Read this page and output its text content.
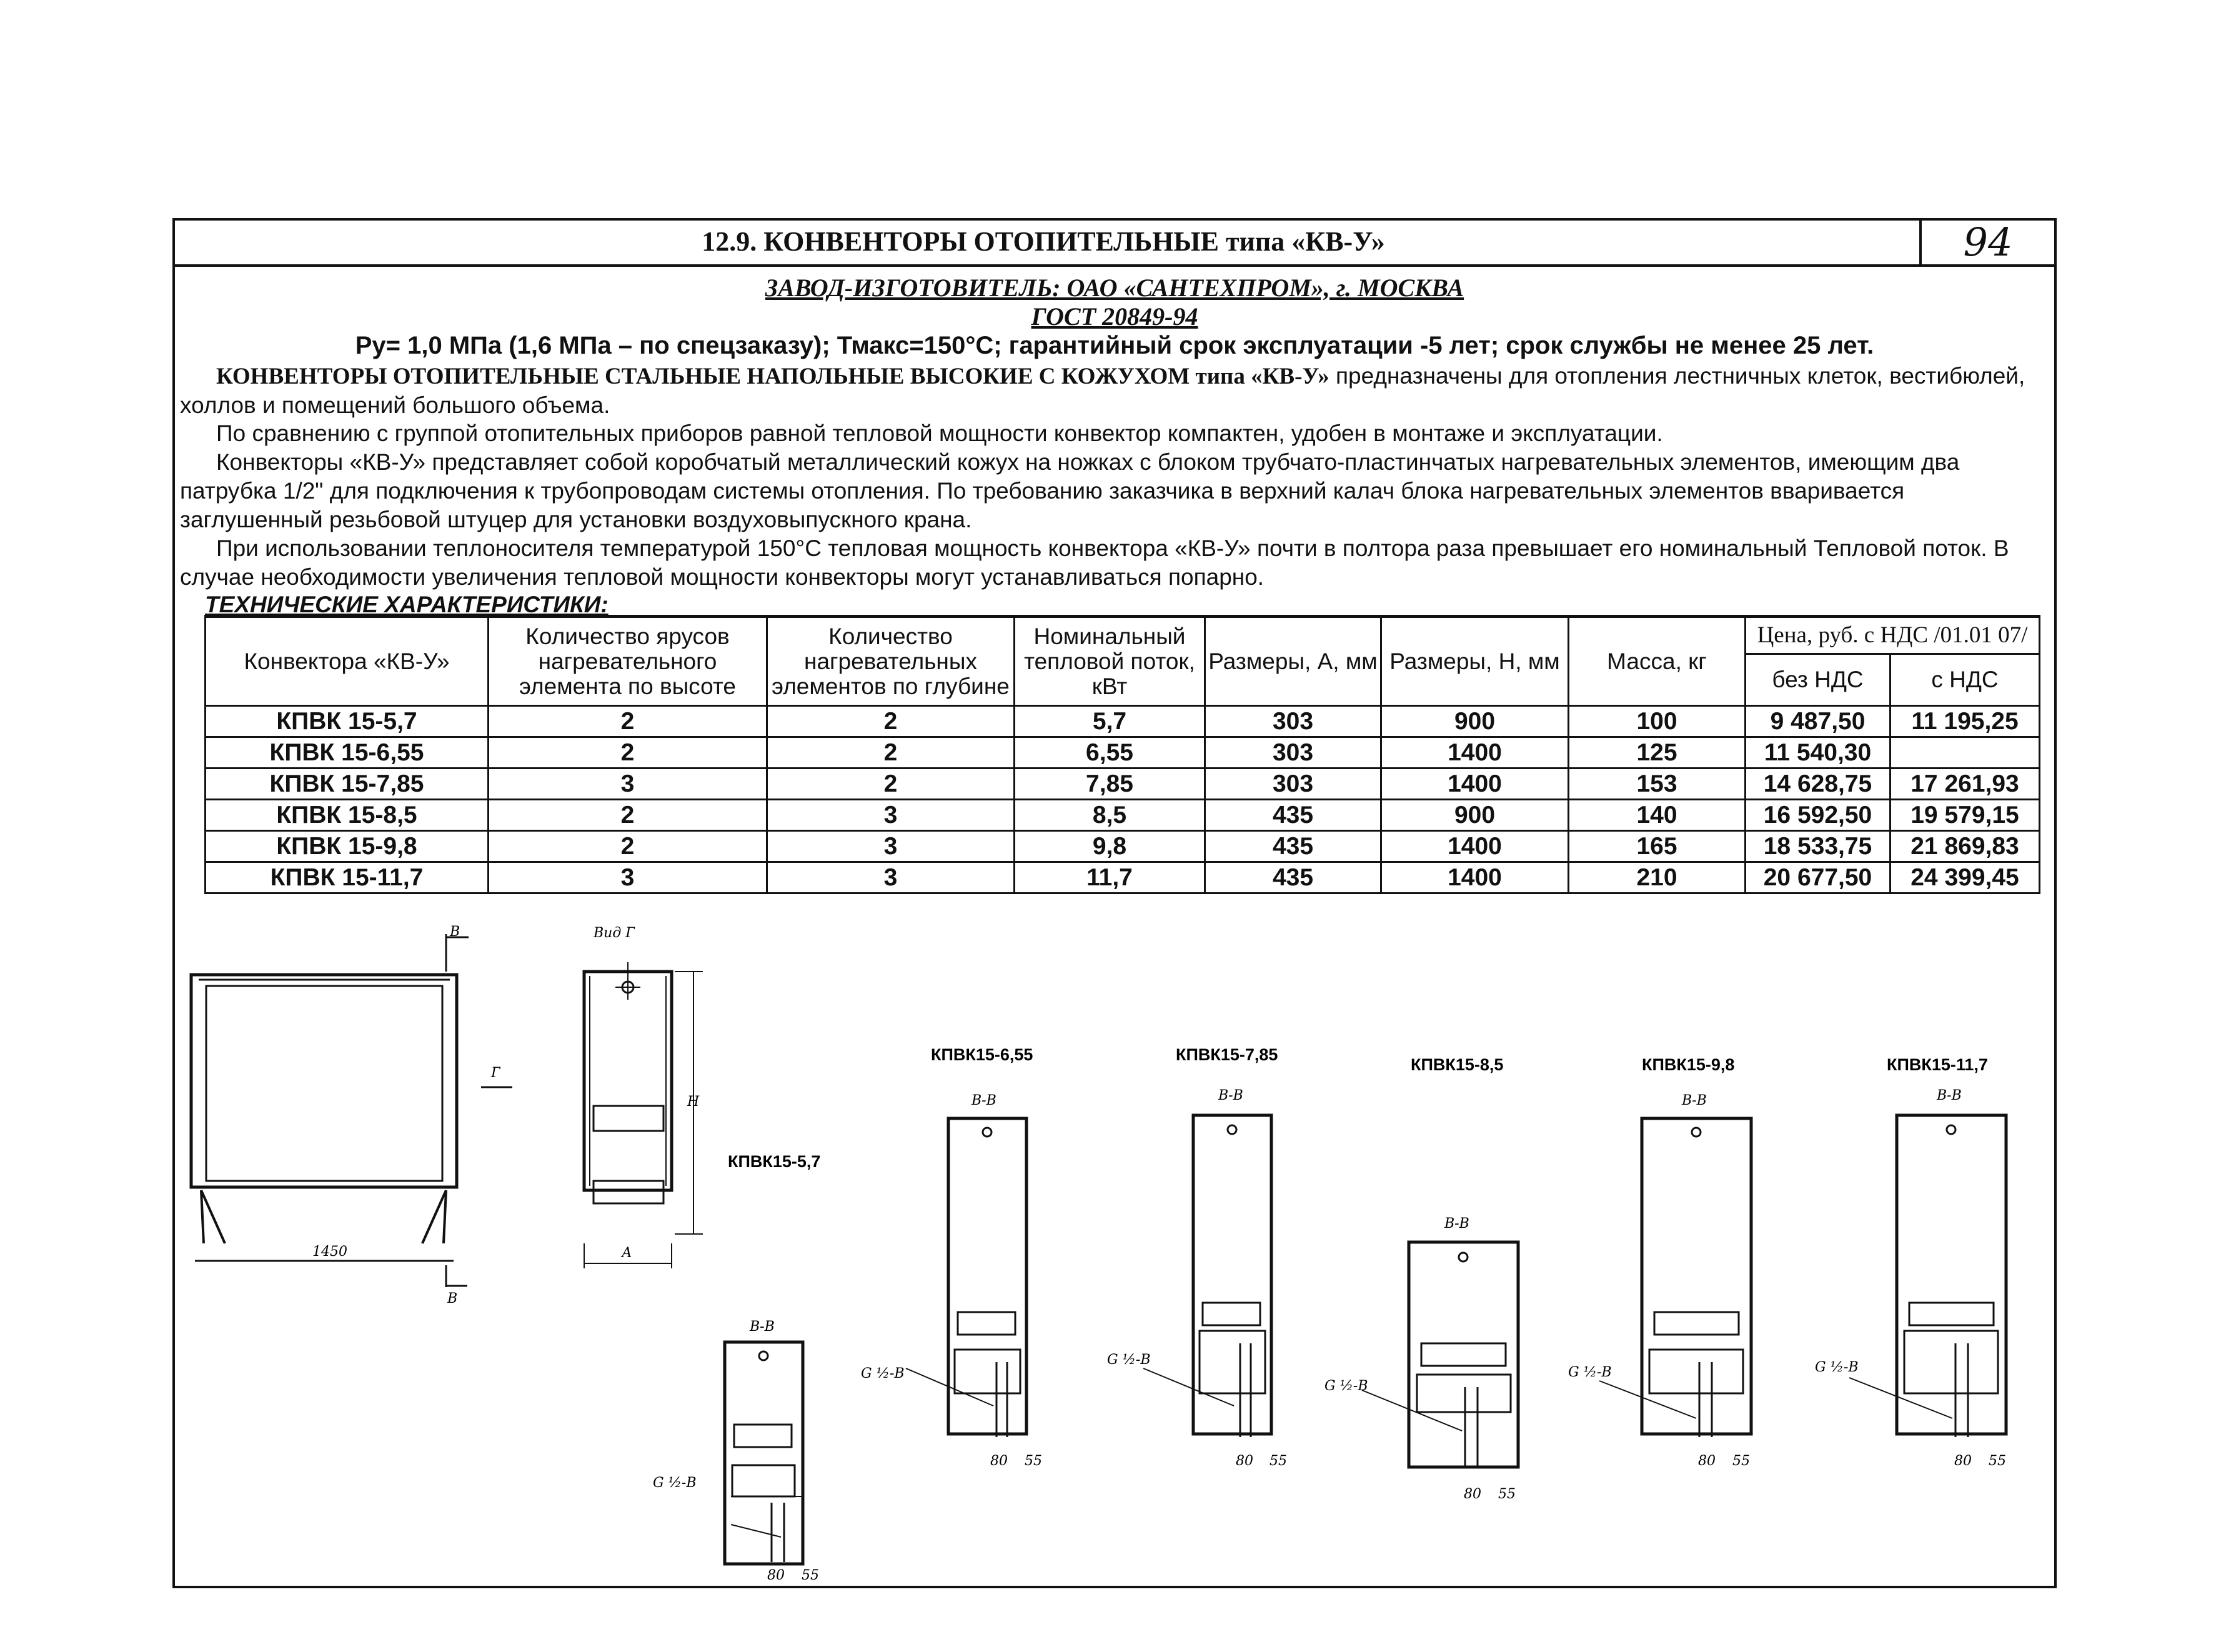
12.9. КОНВЕНТОРЫ ОТОПИТЕЛЬНЫЕ типа «КВ-У»	94
ЗАВОД-ИЗГОТОВИТЕЛЬ: ОАО «САНТЕХПРОМ», г. МОСКВА
ГОСТ 20849-94
Ру= 1,0 МПа (1,6 МПа – по спецзаказу); Тмакс=150°С; гарантийный срок эксплуатации -5 лет; срок службы не менее 25 лет.
КОНВЕНТОРЫ ОТОПИТЕЛЬНЫЕ СТАЛЬНЫЕ НАПОЛЬНЫЕ ВЫСОКИЕ С КОЖУХОМ типа «КВ-У» предназначены для отопления лестничных клеток, вестибюлей, холлов и помещений большого объема.
По сравнению с группой отопительных приборов равной тепловой мощности конвектор компактен, удобен в монтаже и эксплуатации.
Конвекторы «КВ-У» представляет собой коробчатый металлический кожух на ножках с блоком трубчато-пластинчатых нагревательных элементов, имеющим два патрубка 1/2" для подключения к трубопроводам системы отопления. По требованию заказчика в верхний калач блока нагревательных элементов вваривается заглушенный резьбовой штуцер для установки воздуховыпускного крана.
При использовании теплоносителя температурой 150°С тепловая мощность конвектора «КВ-У» почти в полтора раза превышает его номинальный Тепловой поток. В случае необходимости увеличения тепловой мощности конвекторы могут устанавливаться попарно.
ТЕХНИЧЕСКИЕ ХАРАКТЕРИСТИКИ:
Конвектора «КВ-У»	Количество ярусов нагревательного элемента по высоте	Количество нагревательных элементов по глубине	Номинальный тепловой поток, кВт	Размеры, А, мм	Размеры, Н, мм	Масса, кг	Цена, руб. с НДС /01.01 07/	
							без НДС	с НДС
КПВК 15-5,7	2	2	5,7	303	900	100	9 487,50	11 195,25
КПВК 15-6,55	2	2	6,55	303	1400	125	11 540,30	
КПВК 15-7,85	3	2	7,85	303	1400	153	14 628,75	17 261,93
КПВК 15-8,5	2	3	8,5	435	900	140	16 592,50	19 579,15
КПВК 15-9,8	2	3	9,8	435	1400	165	18 533,75	21 869,83
КПВК 15-11,7	3	3	11,7	435	1400	210	20 677,50	24 399,45
1450
В
В
Г
Вид Г
Н
А
КПВК15-5,7
КПВК15-6,55	КПВК15-7,85
КПВК15-8,5	КПВК15-9,8	КПВК15-11,7
В-В
В-В	В-В
В-В
В-В	В-В
G ½-В
G ½-В
G ½-В
G ½-В
G ½-В	G ½-В
80 55
80 55	80 55
80 55
80 55	80 55
